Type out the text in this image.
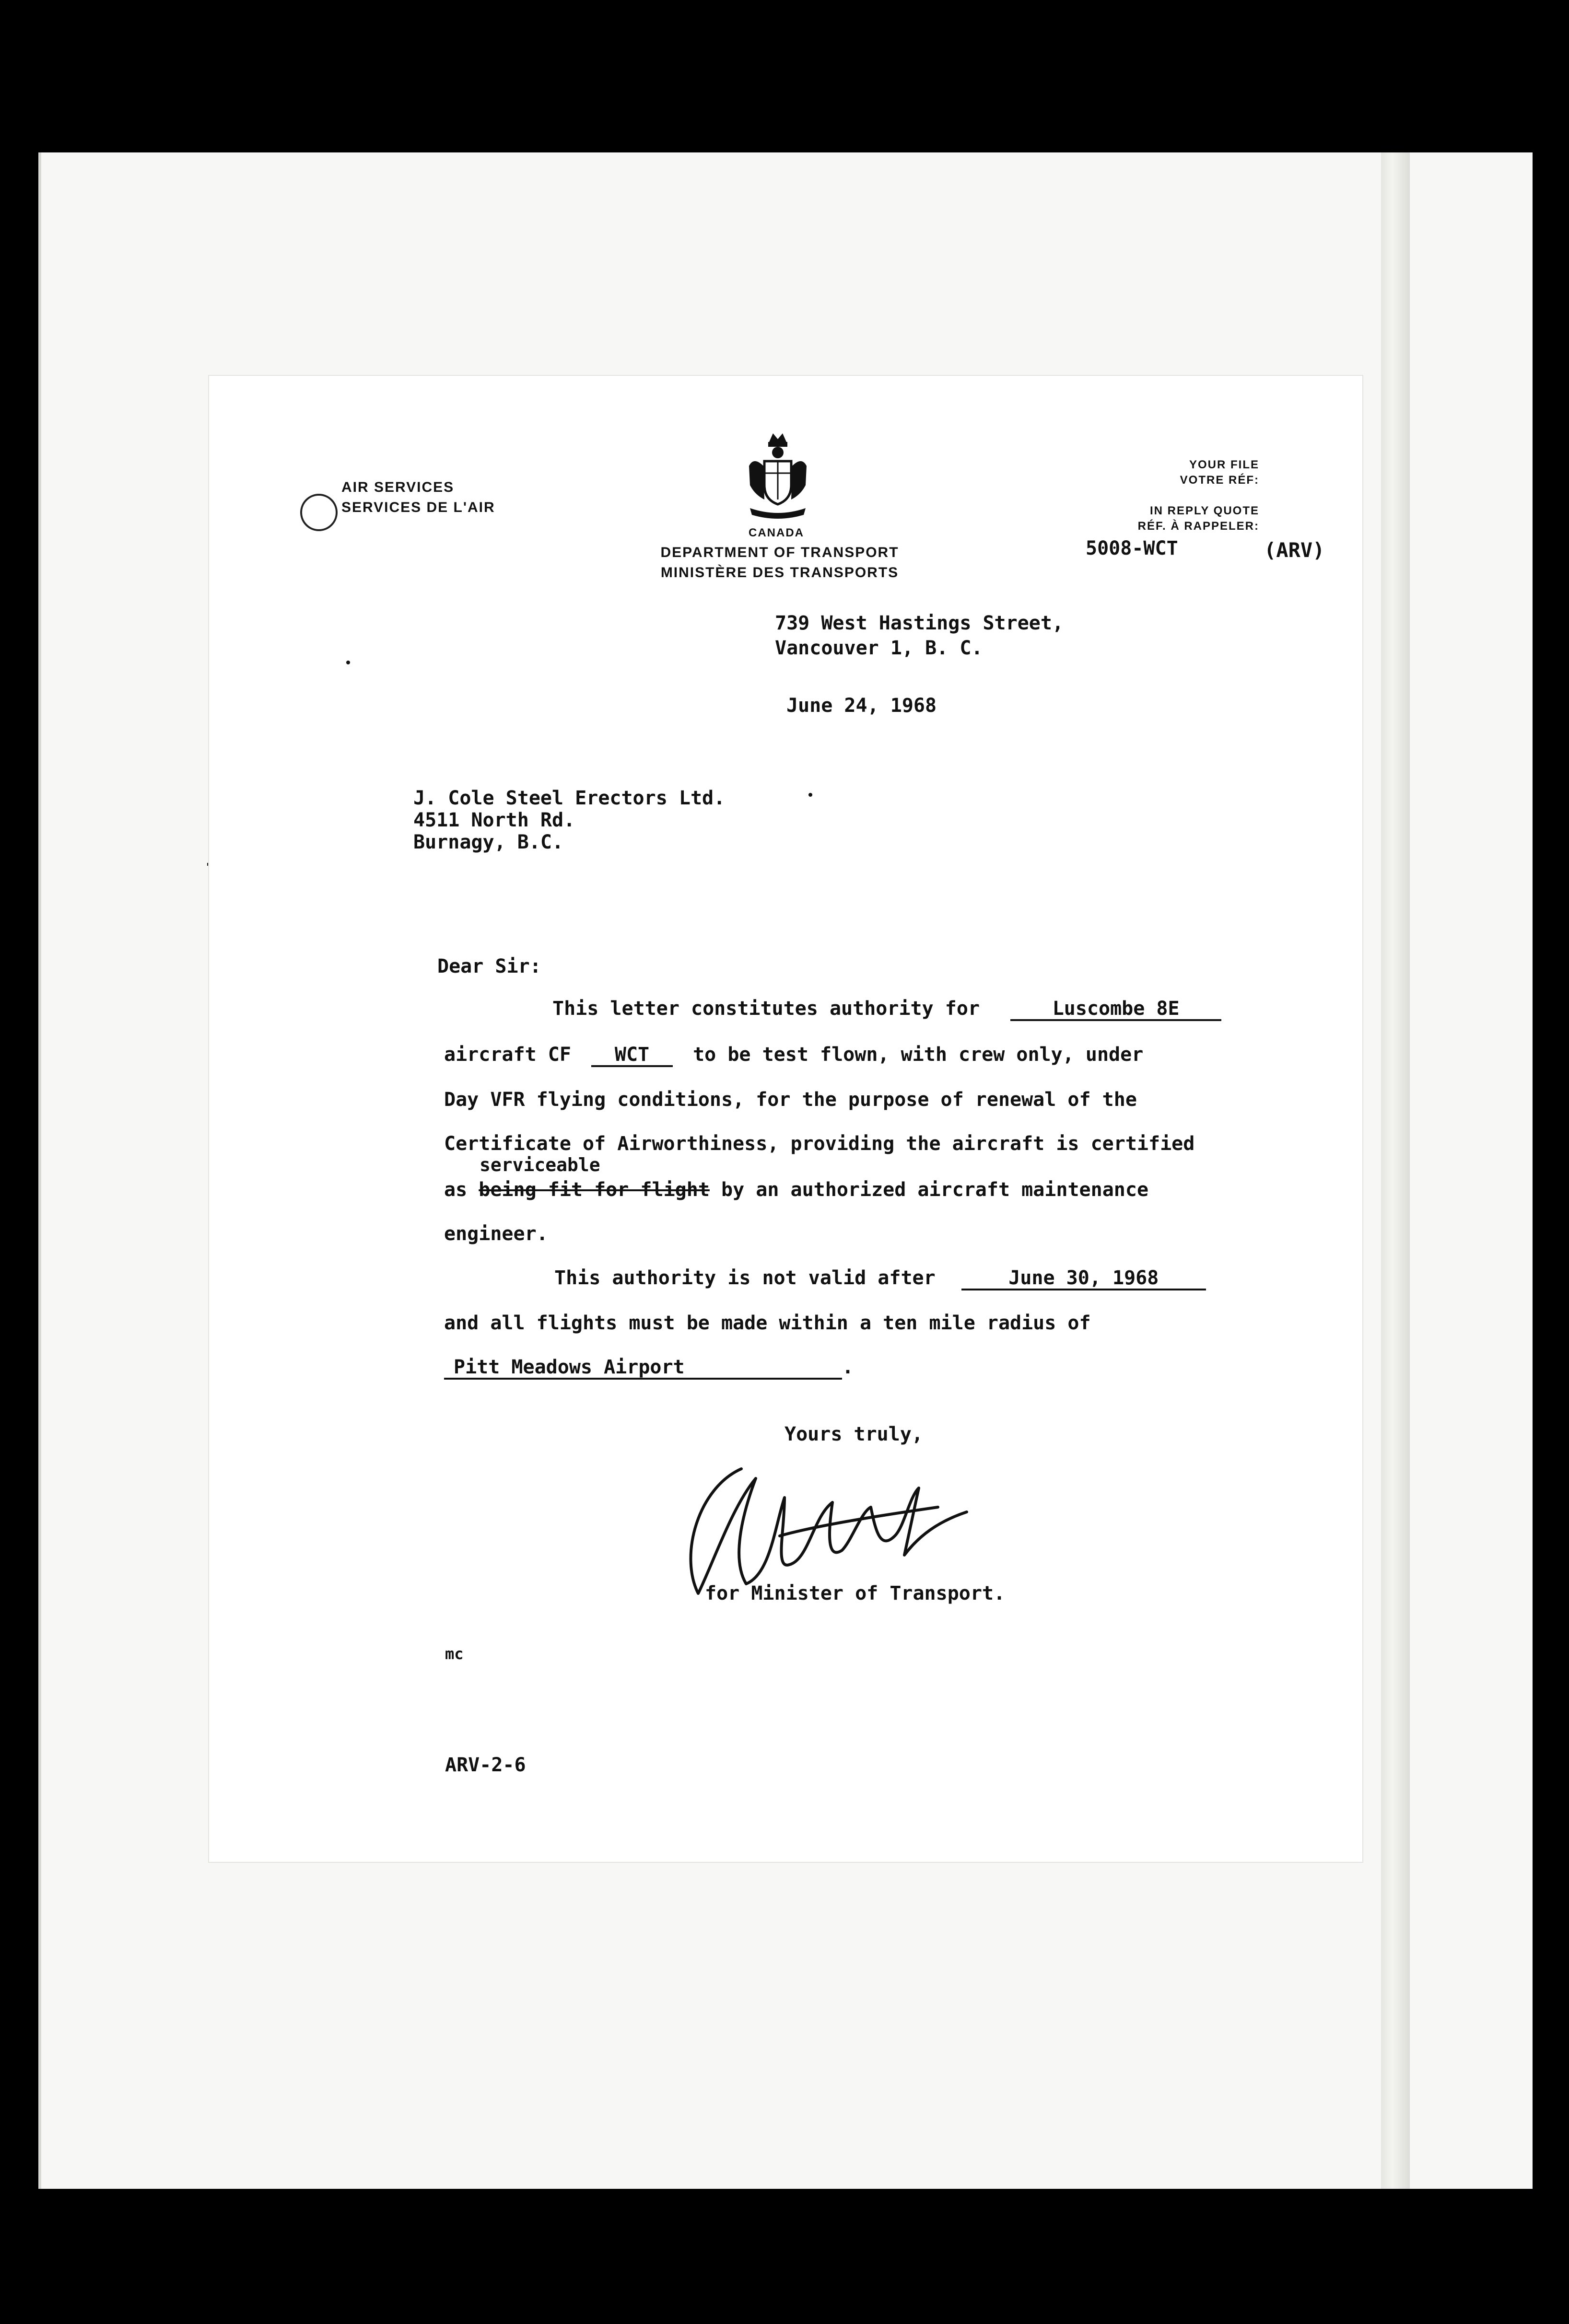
AIR SERVICES
SERVICES DE L'AIR
CANADA
DEPARTMENT OF TRANSPORT
MINISTÈRE DES TRANSPORTS
YOUR FILE
VOTRE RÉF:
IN REPLY QUOTE
RÉF. À RAPPELER:
5008-WCT	(ARV)
739 West Hastings Street,
Vancouver 1, B. C.
June 24, 1968
J. Cole Steel Erectors Ltd.
4511 North Rd.
Burnagy, B.C.
Dear Sir:
This letter constitutes authority for	Luscombe 8E
aircraft CF WCT to be test flown, with crew only, under
Day VFR flying conditions, for the purpose of renewal of the
Certificate of Airworthiness, providing the aircraft is certified
serviceable
as being fit for flight by an authorized aircraft maintenance
engineer.
This authority is not valid after	June 30, 1968
and all flights must be made within a ten mile radius of
Pitt Meadows Airport	.
Yours truly,
for Minister of Transport.
mc
ARV-2-6
